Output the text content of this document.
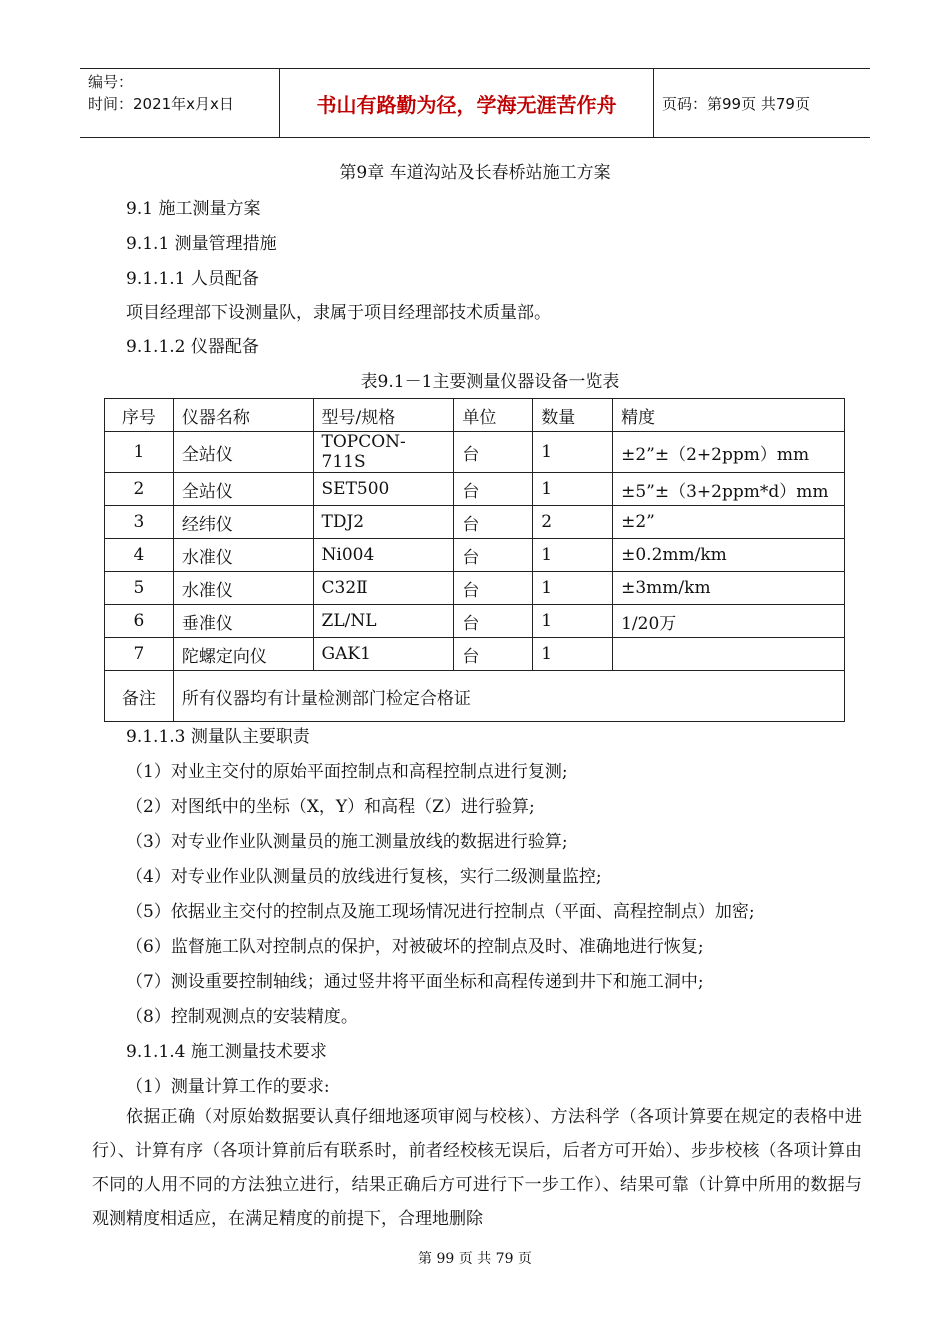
编号：
时间：2021年x月x日	书山有路勤为径，学海无涯苦作舟	页码：第99页 共79页
第9章 车道沟站及长春桥站施工方案
9.1 施工测量方案
9.1.1 测量管理措施
9.1.1.1 人员配备
项目经理部下设测量队，隶属于项目经理部技术质量部。
9.1.1.2 仪器配备
表9.1－1主要测量仪器设备一览表
序号	仪器名称	型号/规格	单位	数量	精度
1	全站仪	TOPCON-711S	台	1	±2”±（2+2ppm）mm
2	全站仪	SET500	台	1	±5”±（3+2ppm*d）mm
3	经纬仪	TDJ2	台	2	±2”
4	水准仪	Ni004	台	1	±0.2mm/km
5	水准仪	C32Ⅱ	台	1	±3mm/km
6	垂准仪	ZL/NL	台	1	1/20万
7	陀螺定向仪	GAK1	台	1	
备注	所有仪器均有计量检测部门检定合格证				
9.1.1.3 测量队主要职责
（1）对业主交付的原始平面控制点和高程控制点进行复测;
（2）对图纸中的坐标（X，Y）和高程（Z）进行验算;
（3）对专业作业队测量员的施工测量放线的数据进行验算;
（4）对专业作业队测量员的放线进行复核，实行二级测量监控;
（5）依据业主交付的控制点及施工现场情况进行控制点（平面、高程控制点）加密;
（6）监督施工队对控制点的保护，对被破坏的控制点及时、准确地进行恢复;
（7）测设重要控制轴线；通过竖井将平面坐标和高程传递到井下和施工洞中;
（8）控制观测点的安装精度。
9.1.1.4 施工测量技术要求
（1）测量计算工作的要求:
依据正确（对原始数据要认真仔细地逐项审阅与校核）、方法科学（各项计算要在规定的表格中进行）、计算有序（各项计算前后有联系时，前者经校核无误后，后者方可开始）、步步校核（各项计算由不同的人用不同的方法独立进行，结果正确后方可进行下一步工作）、结果可靠（计算中所用的数据与观测精度相适应，在满足精度的前提下，合理地删除
第 99 页 共 79 页
